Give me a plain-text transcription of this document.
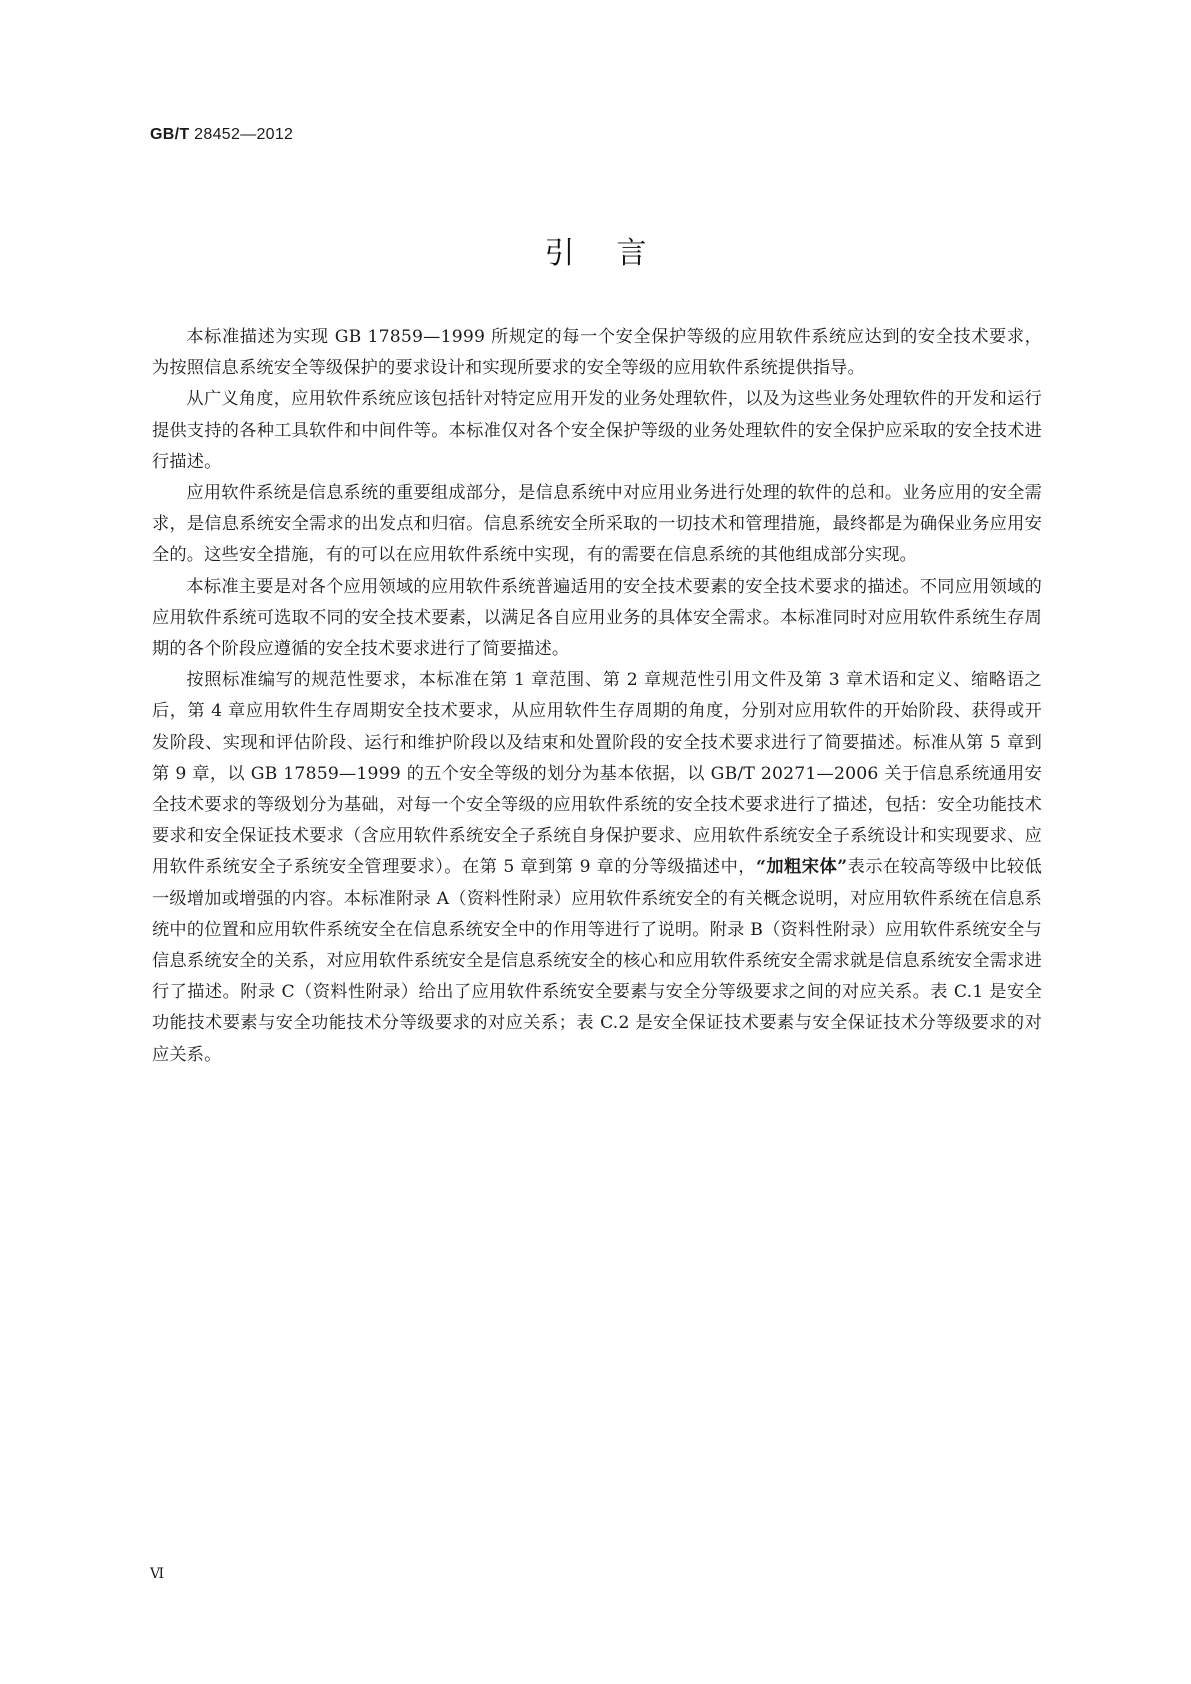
GB/T 28452—2012
引言

本标准描述为实现 GB 17859—1999 所规定的每一个安全保护等级的应用软件系统应达到的安全技术要求，为按照信息系统安全等级保护的要求设计和实现所要求的安全等级的应用软件系统提供指导。

从广义角度，应用软件系统应该包括针对特定应用开发的业务处理软件，以及为这些业务处理软件的开发和运行提供支持的各种工具软件和中间件等。本标准仅对各个安全保护等级的业务处理软件的安全保护应采取的安全技术进行描述。

应用软件系统是信息系统的重要组成部分，是信息系统中对应用业务进行处理的软件的总和。业务应用的安全需求，是信息系统安全需求的出发点和归宿。信息系统安全所采取的一切技术和管理措施，最终都是为确保业务应用安全的。这些安全措施，有的可以在应用软件系统中实现，有的需要在信息系统的其他组成部分实现。

本标准主要是对各个应用领域的应用软件系统普遍适用的安全技术要素的安全技术要求的描述。不同应用领域的应用软件系统可选取不同的安全技术要素，以满足各自应用业务的具体安全需求。本标准同时对应用软件系统生存周期的各个阶段应遵循的安全技术要求进行了简要描述。

按照标准编写的规范性要求，本标准在第 1 章范围、第 2 章规范性引用文件及第 3 章术语和定义、缩略语之后，第 4 章应用软件生存周期安全技术要求，从应用软件生存周期的角度，分别对应用软件的开始阶段、获得或开发阶段、实现和评估阶段、运行和维护阶段以及结束和处置阶段的安全技术要求进行了简要描述。标准从第 5 章到第 9 章，以 GB 17859—1999 的五个安全等级的划分为基本依据，以 GB/T 20271—2006 关于信息系统通用安全技术要求的等级划分为基础，对每一个安全等级的应用软件系统的安全技术要求进行了描述，包括：安全功能技术要求和安全保证技术要求（含应用软件系统安全子系统自身保护要求、应用软件系统安全子系统设计和实现要求、应用软件系统安全子系统安全管理要求）。在第 5 章到第 9 章的分等级描述中，“加粗宋体”表示在较高等级中比较低一级增加或增强的内容。本标准附录 A（资料性附录）应用软件系统安全的有关概念说明，对应用软件系统在信息系统中的位置和应用软件系统安全在信息系统安全中的作用等进行了说明。附录 B（资料性附录）应用软件系统安全与信息系统安全的关系，对应用软件系统安全是信息系统安全的核心和应用软件系统安全需求就是信息系统安全需求进行了描述。附录 C（资料性附录）给出了应用软件系统安全要素与安全分等级要求之间的对应关系。表 C.1 是安全功能技术要素与安全功能技术分等级要求的对应关系；表 C.2 是安全保证技术要素与安全保证技术分等级要求的对应关系。

Ⅵ
